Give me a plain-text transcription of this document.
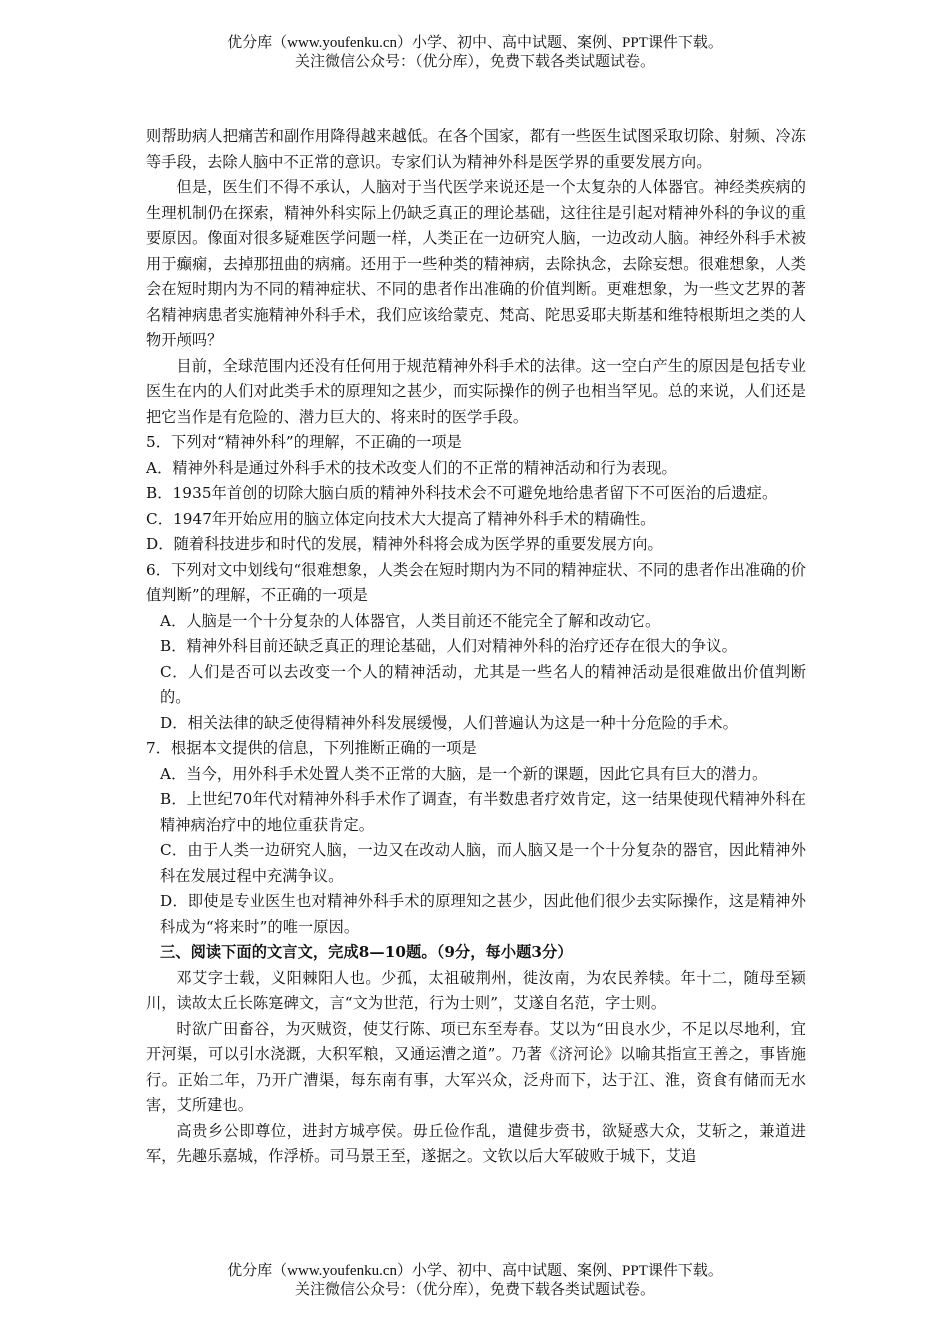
优分库（www.youfenku.cn）小学、初中、高中试题、案例、PPT课件下载。
关注微信公众号：（优分库），免费下载各类试题试卷。

则帮助病人把痛苦和副作用降得越来越低。在各个国家，都有一些医生试图采取切除、射频、冷冻等手段，去除人脑中不正常的意识。专家们认为精神外科是医学界的重要发展方向。

但是，医生们不得不承认，人脑对于当代医学来说还是一个太复杂的人体器官。神经类疾病的生理机制仍在探索，精神外科实际上仍缺乏真正的理论基础，这往往是引起对精神外科的争议的重要原因。像面对很多疑难医学问题一样，人类正在一边研究人脑，一边改动人脑。神经外科手术被用于癫痫，去掉那扭曲的病痛。还用于一些种类的精神病，去除执念，去除妄想。很难想象，人类会在短时期内为不同的精神症状、不同的患者作出准确的价值判断。更难想象，为一些文艺界的著名精神病患者实施精神外科手术，我们应该给蒙克、梵高、陀思妥耶夫斯基和维特根斯坦之类的人物开颅吗？

目前，全球范围内还没有任何用于规范精神外科手术的法律。这一空白产生的原因是包括专业医生在内的人们对此类手术的原理知之甚少，而实际操作的例子也相当罕见。总的来说，人们还是把它当作是有危险的、潜力巨大的、将来时的医学手段。

5．下列对“精神外科”的理解，不正确的一项是

A．精神外科是通过外科手术的技术改变人们的不正常的精神活动和行为表现。

B．1935年首创的切除大脑白质的精神外科技术会不可避免地给患者留下不可医治的后遗症。

C．1947年开始应用的脑立体定向技术大大提高了精神外科手术的精确性。

D．随着科技进步和时代的发展，精神外科将会成为医学界的重要发展方向。

6．下列对文中划线句“很难想象，人类会在短时期内为不同的精神症状、不同的患者作出准确的价值判断”的理解，不正确的一项是

A．人脑是一个十分复杂的人体器官，人类目前还不能完全了解和改动它。

B．精神外科目前还缺乏真正的理论基础，人们对精神外科的治疗还存在很大的争议。

C．人们是否可以去改变一个人的精神活动，尤其是一些名人的精神活动是很难做出价值判断的。

D．相关法律的缺乏使得精神外科发展缓慢，人们普遍认为这是一种十分危险的手术。

7．根据本文提供的信息，下列推断正确的一项是

A．当今，用外科手术处置人类不正常的大脑，是一个新的课题，因此它具有巨大的潜力。

B．上世纪70年代对精神外科手术作了调查，有半数患者疗效肯定，这一结果使现代精神外科在精神病治疗中的地位重获肯定。

C．由于人类一边研究人脑，一边又在改动人脑，而人脑又是一个十分复杂的器官，因此精神外科在发展过程中充满争议。

D．即使是专业医生也对精神外科手术的原理知之甚少，因此他们很少去实际操作，这是精神外科成为“将来时”的唯一原因。

三、阅读下面的文言文，完成8—10题。（9分，每小题3分）

邓艾字士载，义阳棘阳人也。少孤，太祖破荆州，徙汝南，为农民养犊。年十二，随母至颍川，读故太丘长陈寔碑文，言“文为世范，行为士则”，艾遂自名范，字士则。

时欲广田畜谷，为灭贼资，使艾行陈、项已东至寿春。艾以为“田良水少，不足以尽地利，宜开河渠，可以引水浇溉，大积军粮，又通运漕之道”。乃著《济河论》以喻其指宣王善之，事皆施行。正始二年，乃开广漕渠，每东南有事，大军兴众，泛舟而下，达于江、淮，资食有储而无水害，艾所建也。

高贵乡公即尊位，进封方城亭侯。毋丘俭作乱，遣健步赍书，欲疑惑大众，艾斩之，兼道进军，先趣乐嘉城，作浮桥。司马景王至，遂据之。文钦以后大军破败于城下，艾追

优分库（www.youfenku.cn）小学、初中、高中试题、案例、PPT课件下载。
关注微信公众号：（优分库），免费下载各类试题试卷。
